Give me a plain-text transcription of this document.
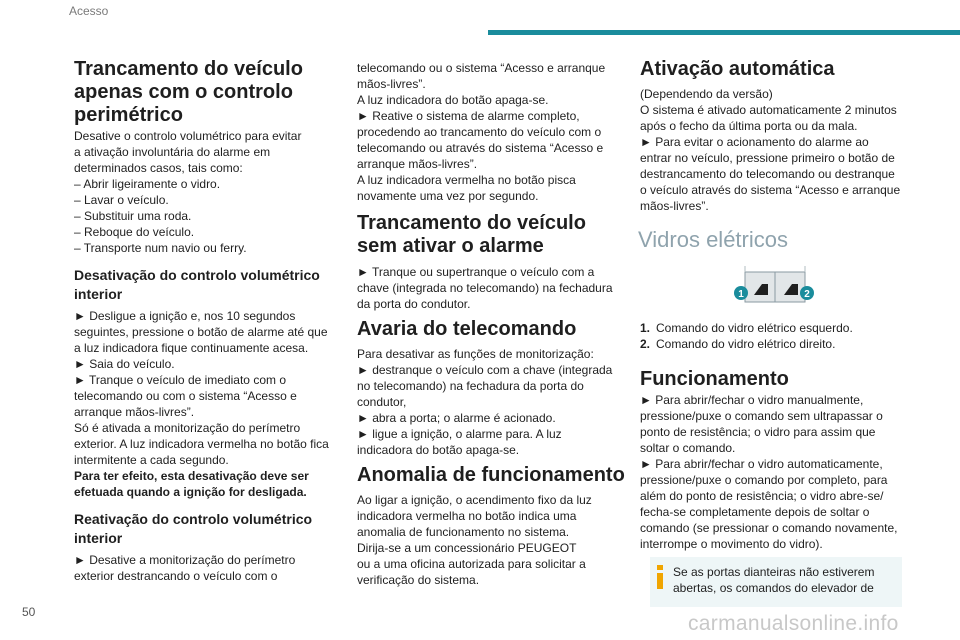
Acesso
50	carmanualsonline.info
Trancamento do veículo
apenas com o controlo
perimétrico
Desative o controlo volumétrico para evitar
a ativação involuntária do alarme em
determinados casos, tais como:
– Abrir ligeiramente o vidro.
– Lavar o veículo.
– Substituir uma roda.
– Reboque do veículo.
– Transporte num navio ou ferry.
Desativação do controlo volumétrico
interior
► Desligue a ignição e, nos 10 segundos
seguintes, pressione o botão de alarme até que
a luz indicadora fique continuamente acesa.
► Saia do veículo.
► Tranque o veículo de imediato com o
telecomando ou com o sistema “Acesso e
arranque mãos-livres”.
Só é ativada a monitorização do perímetro
exterior. A luz indicadora vermelha no botão fica
intermitente a cada segundo.
Para ter efeito, esta desativação deve ser
efetuada quando a ignição for desligada.
Reativação do controlo volumétrico
interior
► Desative a monitorização do perímetro
exterior destrancando o veículo com o
telecomando ou o sistema “Acesso e arranque
mãos-livres”.
A luz indicadora do botão apaga-se.
► Reative o sistema de alarme completo,
procedendo ao trancamento do veículo com o
telecomando ou através do sistema “Acesso e
arranque mãos-livres”.
A luz indicadora vermelha no botão pisca
novamente uma vez por segundo.
Trancamento do veículo
sem ativar o alarme
► Tranque ou supertranque o veículo com a
chave (integrada no telecomando) na fechadura
da porta do condutor.
Avaria do telecomando
Para desativar as funções de monitorização:
► destranque o veículo com a chave (integrada
no telecomando) na fechadura da porta do
condutor,
► abra a porta; o alarme é acionado.
► ligue a ignição, o alarme para. A luz
indicadora do botão apaga-se.
Anomalia de funcionamento
Ao ligar a ignição, o acendimento fixo da luz
indicadora vermelha no botão indica uma
anomalia de funcionamento no sistema.
Dirija-se a um concessionário PEUGEOT
ou a uma oficina autorizada para solicitar a
verificação do sistema.
Ativação automática
(Dependendo da versão)
O sistema é ativado automaticamente 2 minutos
após o fecho da última porta ou da mala.
► Para evitar o acionamento do alarme ao
entrar no veículo, pressione primeiro o botão de
destrancamento do telecomando ou destranque
o veículo através do sistema “Acesso e arranque
mãos-livres”.
Vidros elétricos
1	2
1. Comando do vidro elétrico esquerdo.
2. Comando do vidro elétrico direito.
Funcionamento
► Para abrir/fechar o vidro manualmente,
pressione/puxe o comando sem ultrapassar o
ponto de resistência; o vidro para assim que
soltar o comando.
► Para abrir/fechar o vidro automaticamente,
pressione/puxe o comando por completo, para
além do ponto de resistência; o vidro abre-se/
fecha-se completamente depois de soltar o
comando (se pressionar o comando novamente,
interrompe o movimento do vidro).
Se as portas dianteiras não estiverem
abertas, os comandos do elevador de
